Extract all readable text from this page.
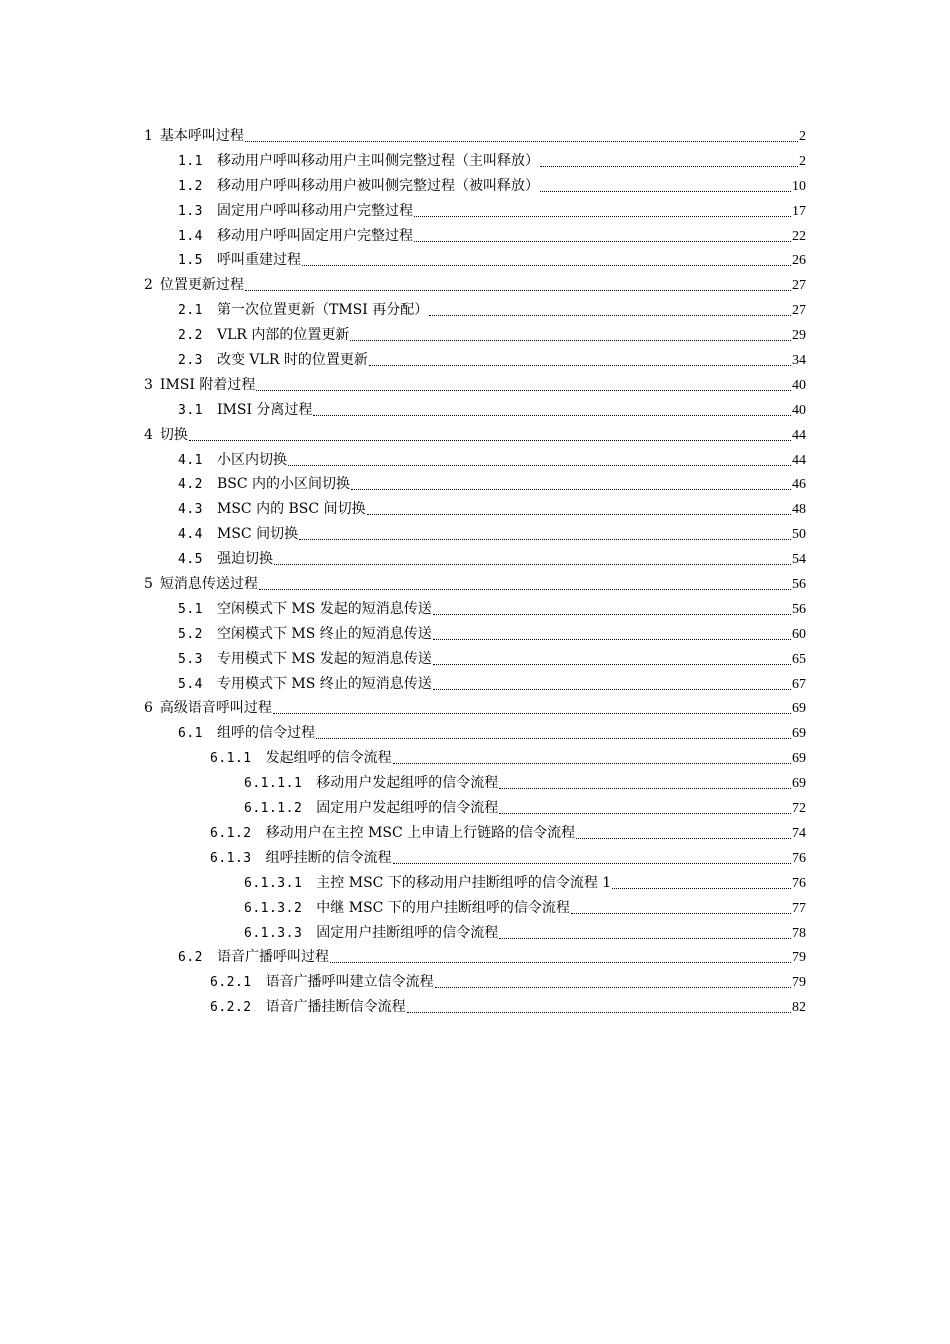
1 基本呼叫过程	2
1.1 移动用户呼叫移动用户主叫侧完整过程（主叫释放）	2
1.2 移动用户呼叫移动用户被叫侧完整过程（被叫释放）	10
1.3 固定用户呼叫移动用户完整过程	17
1.4 移动用户呼叫固定用户完整过程	22
1.5 呼叫重建过程	26
2 位置更新过程	27
2.1 第一次位置更新（TMSI 再分配）	27
2.2 VLR 内部的位置更新	29
2.3 改变 VLR 时的位置更新	34
3 IMSI 附着过程	40
3.1 IMSI 分离过程	40
4 切换	44
4.1 小区内切换	44
4.2 BSC 内的小区间切换	46
4.3 MSC 内的 BSC 间切换	48
4.4 MSC 间切换	50
4.5 强迫切换	54
5 短消息传送过程	56
5.1 空闲模式下 MS 发起的短消息传送	56
5.2 空闲模式下 MS 终止的短消息传送	60
5.3 专用模式下 MS 发起的短消息传送	65
5.4 专用模式下 MS 终止的短消息传送	67
6 高级语音呼叫过程	69
6.1 组呼的信令过程	69
6.1.1 发起组呼的信令流程	69
6.1.1.1 移动用户发起组呼的信令流程	69
6.1.1.2 固定用户发起组呼的信令流程	72
6.1.2 移动用户在主控 MSC 上申请上行链路的信令流程	74
6.1.3 组呼挂断的信令流程	76
6.1.3.1 主控 MSC 下的移动用户挂断组呼的信令流程 1	76
6.1.3.2 中继 MSC 下的用户挂断组呼的信令流程	77
6.1.3.3 固定用户挂断组呼的信令流程	78
6.2 语音广播呼叫过程	79
6.2.1 语音广播呼叫建立信令流程	79
6.2.2 语音广播挂断信令流程	82
